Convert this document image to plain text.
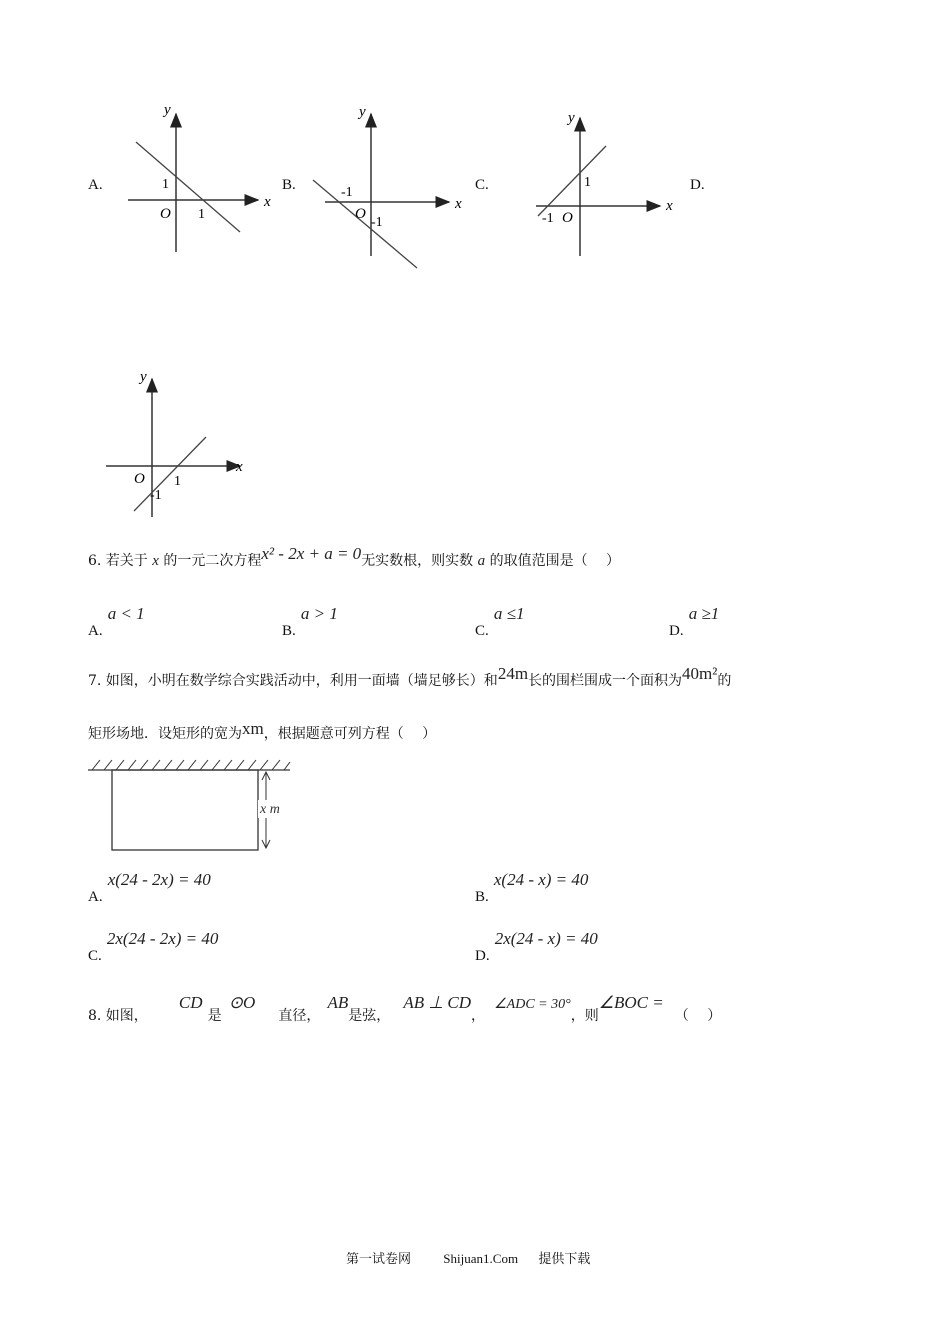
A.
x
y
O
1
1
B.
x
y
O
-1
-1
C.
x
y
O
1
-1
D.
x
y
O 1
-1
6. 若关于 x 的一元二次方程x² - 2x + a = 0无实数根，则实数 a 的取值范围是（　 ）
A. a < 1
B. a > 1
C. a ≤1
D. a ≥1
7. 如图，小明在数学综合实践活动中，利用一面墙（墙足够长）和24m长的围栏围成一个面积为40m²的
矩形场地．设矩形的宽为xm，根据题意可列方程（　 ）
x m
A. x(24 - 2x) = 40
B. x(24 - x) = 40
C. 2x(24 - 2x) = 40
D. 2x(24 - x) = 40
8. 如图， CD 是 ⊙O 直径， AB是弦， AB ⊥ CD， ∠ADC = 30°，则∠BOC = （　 ）
第一试卷网 Shijuan1.Com 提供下载
